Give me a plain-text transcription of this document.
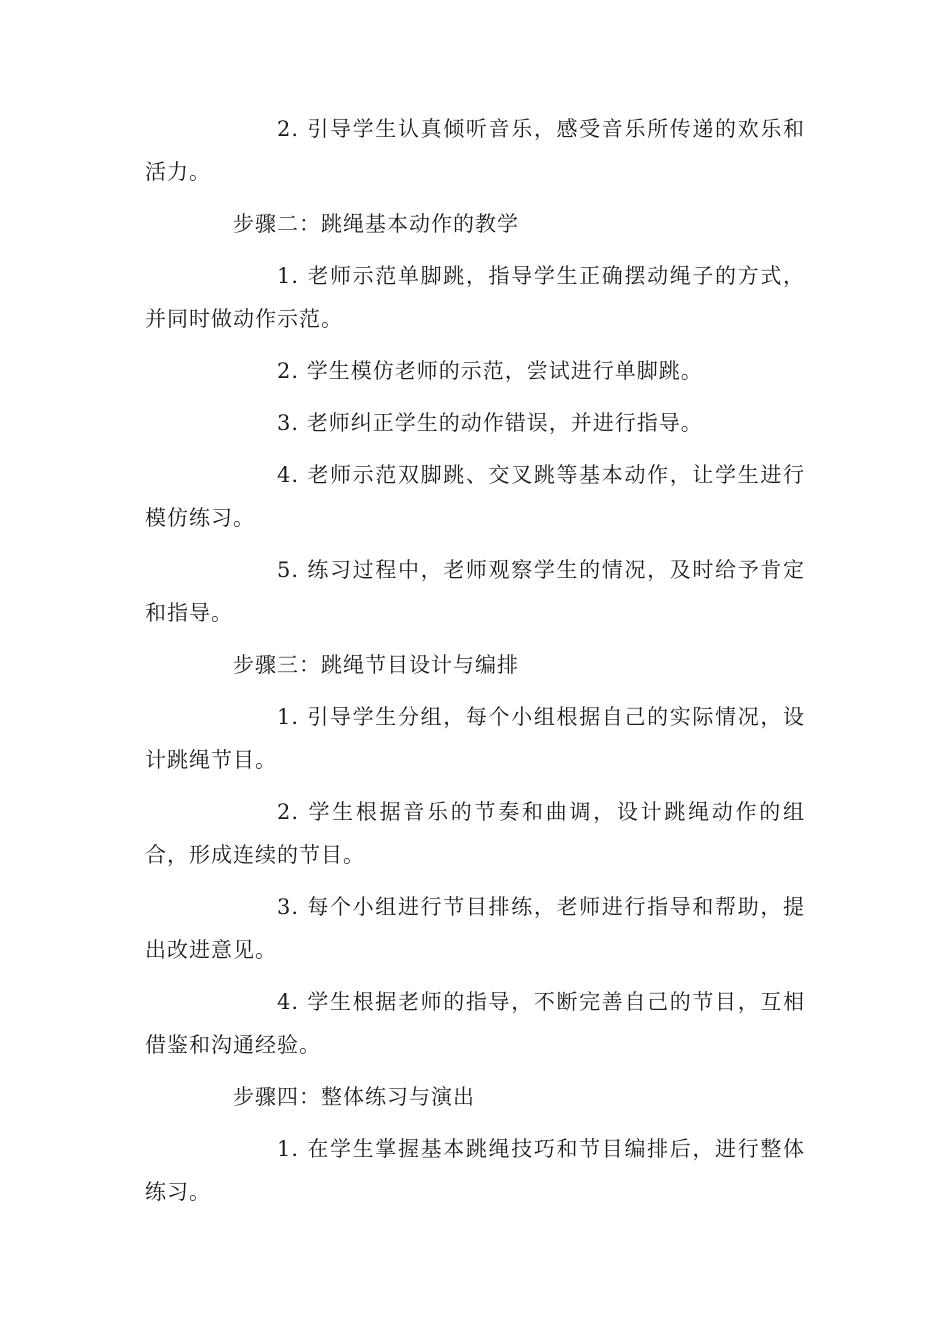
2. 引导学生认真倾听音乐，感受音乐所传递的欢乐和活力。

步骤二：跳绳基本动作的教学

1. 老师示范单脚跳，指导学生正确摆动绳子的方式，并同时做动作示范。

2. 学生模仿老师的示范，尝试进行单脚跳。

3. 老师纠正学生的动作错误，并进行指导。

4. 老师示范双脚跳、交叉跳等基本动作，让学生进行模仿练习。

5. 练习过程中，老师观察学生的情况，及时给予肯定和指导。

步骤三：跳绳节目设计与编排

1. 引导学生分组，每个小组根据自己的实际情况，设计跳绳节目。

2. 学生根据音乐的节奏和曲调，设计跳绳动作的组合，形成连续的节目。

3. 每个小组进行节目排练，老师进行指导和帮助，提出改进意见。

4. 学生根据老师的指导，不断完善自己的节目，互相借鉴和沟通经验。

步骤四：整体练习与演出

1. 在学生掌握基本跳绳技巧和节目编排后，进行整体练习。
